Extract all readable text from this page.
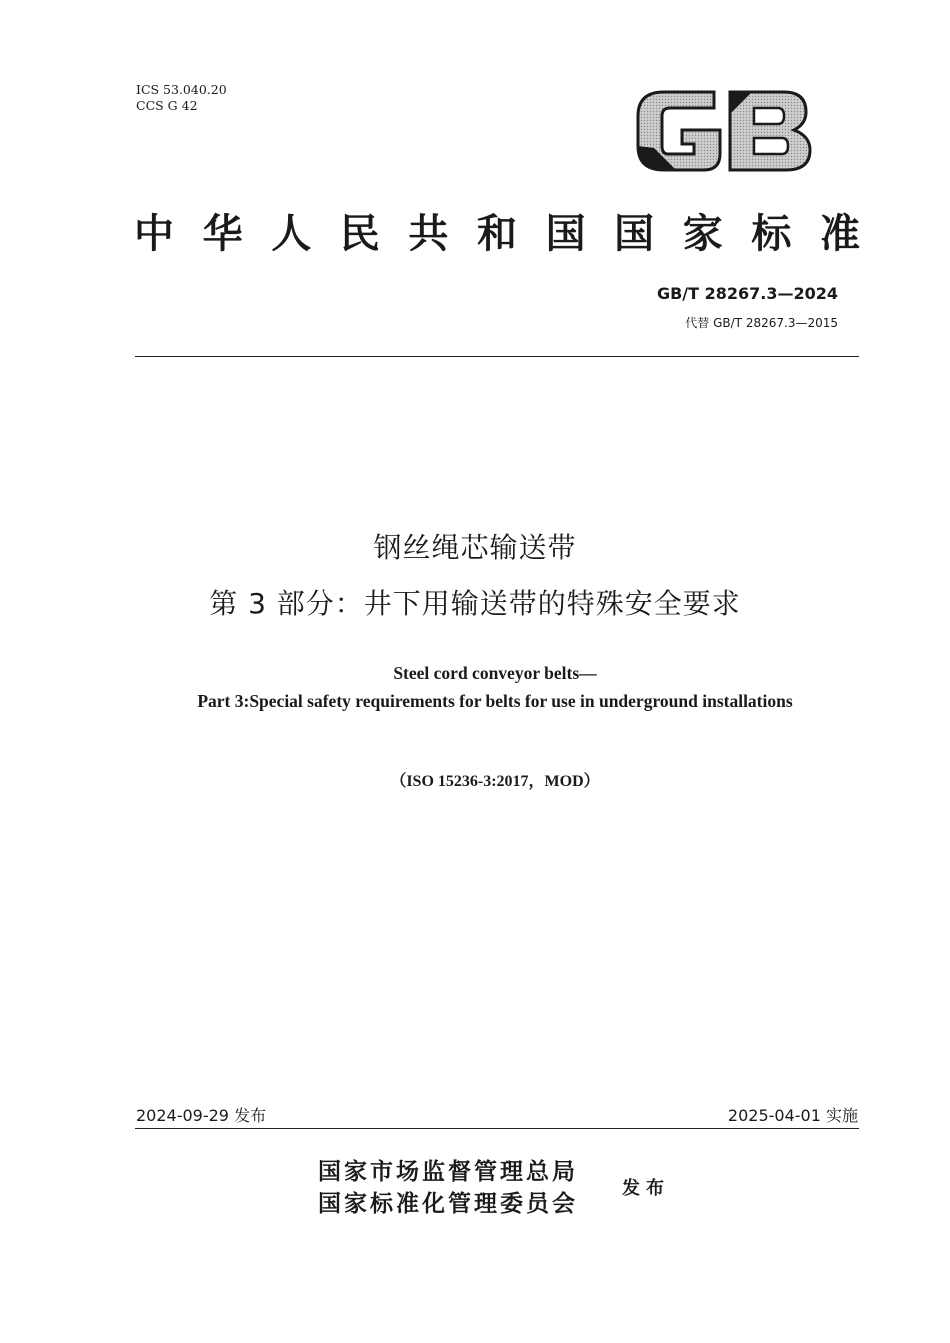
ICS 53.040.20
CCS G 42
中 华 人 民 共 和 国 国 家 标 准
GB/T 28267.3—2024
代替 GB/T 28267.3—2015
钢丝绳芯输送带
第 3 部分：井下用输送带的特殊安全要求
Steel cord conveyor belts—
Part 3:Special safety requirements for belts for use in underground installations
（ISO 15236-3:2017，MOD）
2024-09-29 发布	2025-04-01 实施
国家市场监督管理总局
国家标准化管理委员会
发布
